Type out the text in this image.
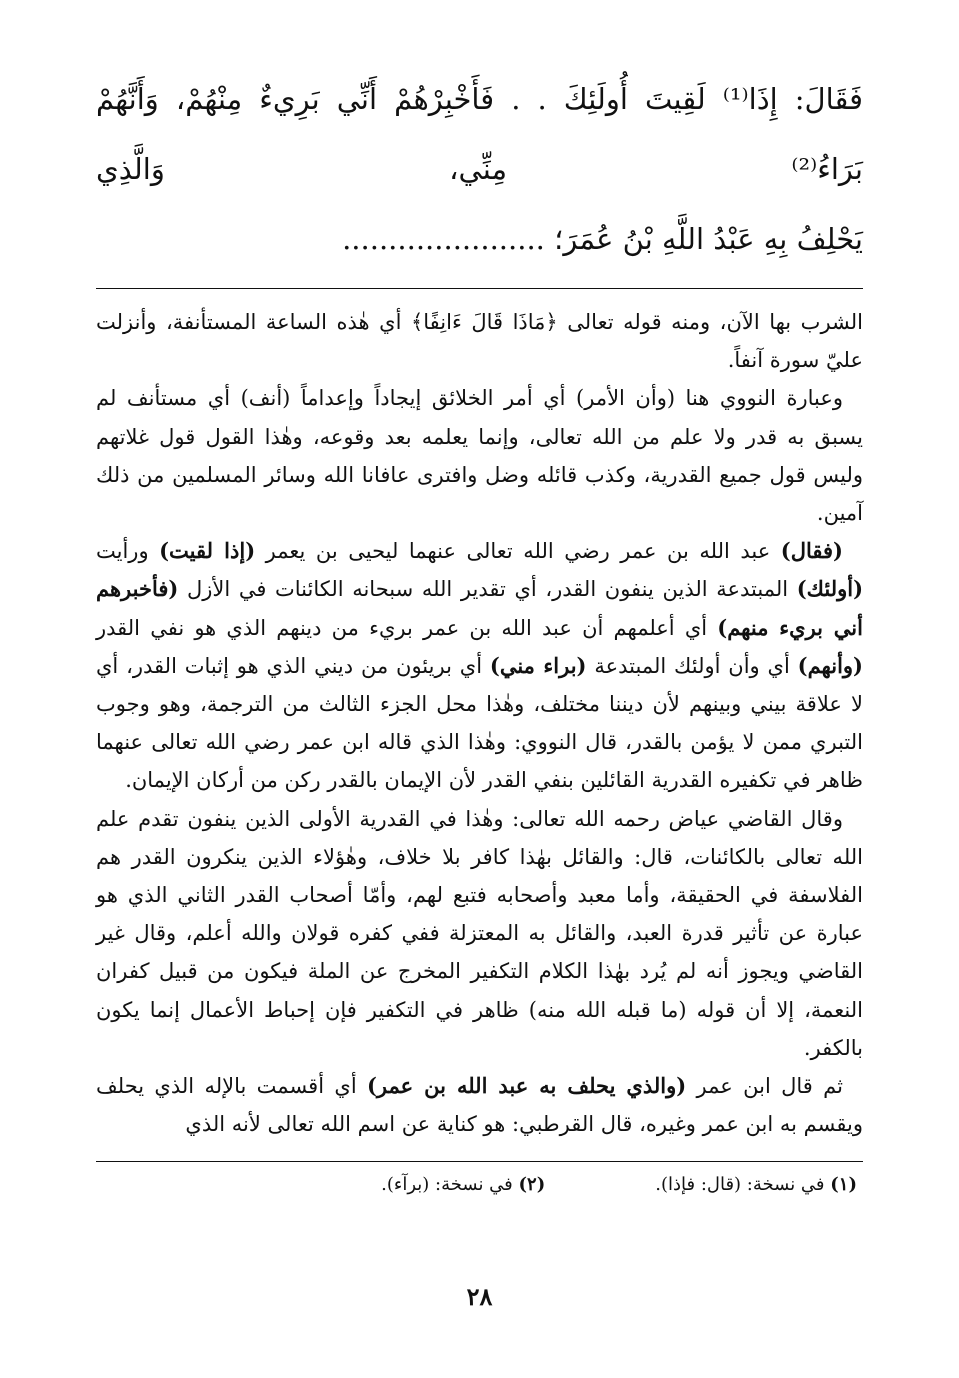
فَقَالَ: إِذَا⁽¹⁾ لَقِيتَ أُولَئِكَ . . فَأَخْبِرْهُمْ أَنِّي بَرِيءٌ مِنْهُمْ، وَأَنَّهُمْ بَرَاءُ⁽²⁾ مِنِّي، وَالَّذِي
يَحْلِفُ بِهِ عَبْدُ اللَّهِ بْنُ عُمَرَ؛ ......................

الشرب بها الآن، ومنه قوله تعالى ﴿مَاذَا قَالَ ءَانِفًا﴾ أي هٰذه الساعة المستأنفة، وأنزلت عليّ سورة آنفاً.

وعبارة النووي هنا (وأن الأمر) أي أمر الخلائق إيجاداً وإعداماً (أنف) أي مستأنف لم يسبق به قدر ولا علم من الله تعالى، وإنما يعلمه بعد وقوعه، وهٰذا القول قول غلاتهم وليس قول جميع القدرية، وكذب قائله وضل وافترى عافانا الله وسائر المسلمين من ذلك آمين.

(فقال) عبد الله بن عمر رضي الله تعالى عنهما ليحيى بن يعمر (إذا لقيت) ورأيت (أولئك) المبتدعة الذين ينفون القدر، أي تقدير الله سبحانه الكائنات في الأزل (فأخبرهم أني بريء منهم) أي أعلمهم أن عبد الله بن عمر بريء من دينهم الذي هو نفي القدر (وأنهم) أي وأن أولئك المبتدعة (براء مني) أي بريئون من ديني الذي هو إثبات القدر، أي لا علاقة بيني وبينهم لأن ديننا مختلف، وهٰذا محل الجزء الثالث من الترجمة، وهو وجوب التبري ممن لا يؤمن بالقدر، قال النووي: وهٰذا الذي قاله ابن عمر رضي الله تعالى عنهما ظاهر في تكفيره القدرية القائلين بنفي القدر لأن الإيمان بالقدر ركن من أركان الإيمان.

وقال القاضي عياض رحمه الله تعالى: وهٰذا في القدرية الأولى الذين ينفون تقدم علم الله تعالى بالكائنات، قال: والقائل بهٰذا كافر بلا خلاف، وهٰؤلاء الذين ينكرون القدر هم الفلاسفة في الحقيقة، وأما معبد وأصحابه فتبع لهم، وأمّا أصحاب القدر الثاني الذي هو عبارة عن تأثير قدرة العبد، والقائل به المعتزلة ففي كفره قولان والله أعلم، وقال غير القاضي ويجوز أنه لم يُرد بهٰذا الكلام التكفير المخرج عن الملة فيكون من قبيل كفران النعمة، إلا أن قوله (ما قبله الله منه) ظاهر في التكفير فإن إحباط الأعمال إنما يكون بالكفر.

ثم قال ابن عمر (والذي يحلف به عبد الله بن عمر) أي أقسمت بالإله الذي يحلف ويقسم به ابن عمر وغيره، قال القرطبي: هو كناية عن اسم الله تعالى لأنه الذي

(١) في نسخة: (قال: فإذا).
(٢) في نسخة: (برآء).
٢٨
